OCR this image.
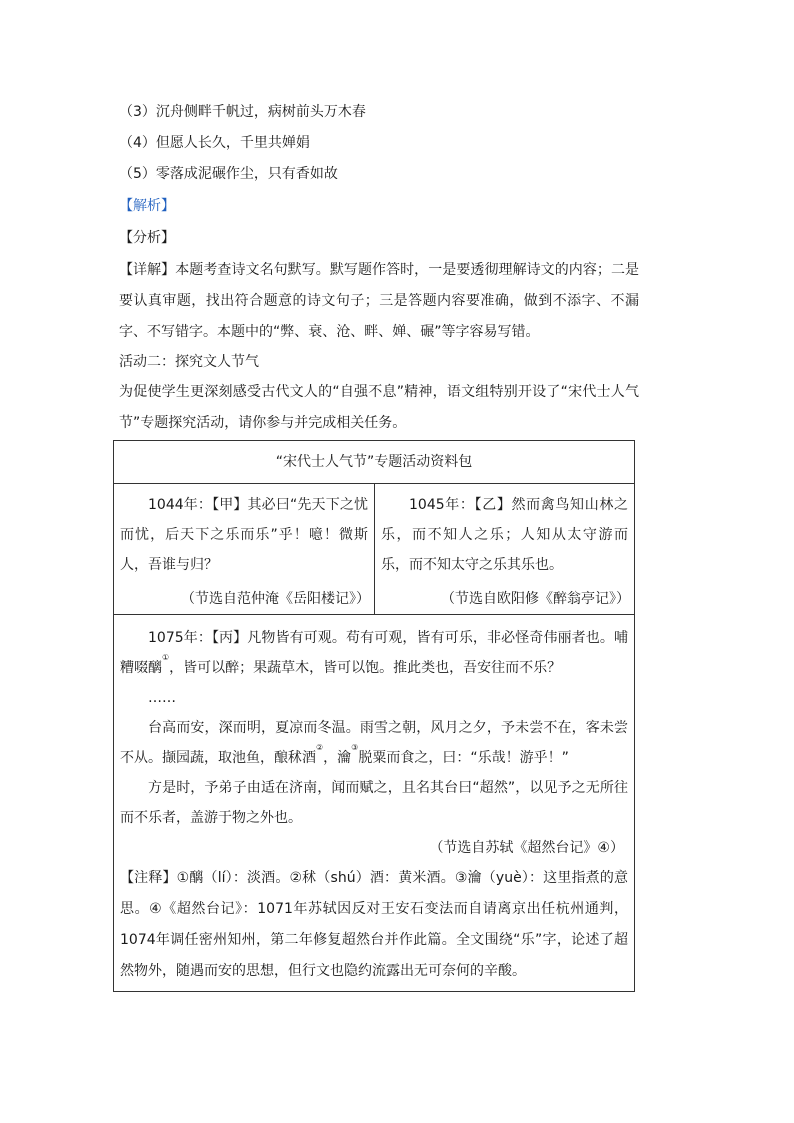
（3）沉舟侧畔千帆过，病树前头万木春
（4）但愿人长久，千里共婵娟
（5）零落成泥碾作尘，只有香如故
【解析】
【分析】
【详解】本题考查诗文名句默写。默写题作答时，一是要透彻理解诗文的内容；二是要认真审题，找出符合题意的诗文句子；三是答题内容要准确，做到不添字、不漏字、不写错字。本题中的“弊、衰、沧、畔、婵、碾”等字容易写错。
活动二：探究文人节气
为促使学生更深刻感受古代文人的“自强不息”精神，语文组特别开设了“宋代士人气节”专题探究活动，请你参与并完成相关任务。
“宋代士人气节”专题活动资料包

1044年：【甲】其必曰“先天下之忧而忧，后天下之乐而乐”乎！噫！微斯人，吾谁与归？
（节选自范仲淹《岳阳楼记》）

1045年：【乙】然而禽鸟知山林之乐，而不知人之乐；人知从太守游而乐，而不知太守之乐其乐也。
（节选自欧阳修《醉翁亭记》）

1075年：【丙】凡物皆有可观。苟有可观，皆有可乐，非必怪奇伟丽者也。哺糟啜醨①，皆可以醉；果蔬草木，皆可以饱。推此类也，吾安往而不乐？
……
台高而安，深而明，夏凉而冬温。雨雪之朝，风月之夕，予未尝不在，客未尝不从。撷园蔬，取池鱼，酿秫酒②，瀹③脱粟而食之，曰：“乐哉！游乎！”
方是时，予弟子由适在济南，闻而赋之，且名其台曰“超然”，以见予之无所往而不乐者，盖游于物之外也。
（节选自苏轼《超然台记》④）
【注释】①醨（lí）：淡酒。②秫（shú）酒：黄米酒。③瀹（yuè）：这里指煮的意思。④《超然台记》：1071年苏轼因反对王安石变法而自请离京出任杭州通判，1074年调任密州知州，第二年修复超然台并作此篇。全文围绕“乐”字，论述了超然物外，随遇而安的思想，但行文也隐约流露出无可奈何的辛酸。
